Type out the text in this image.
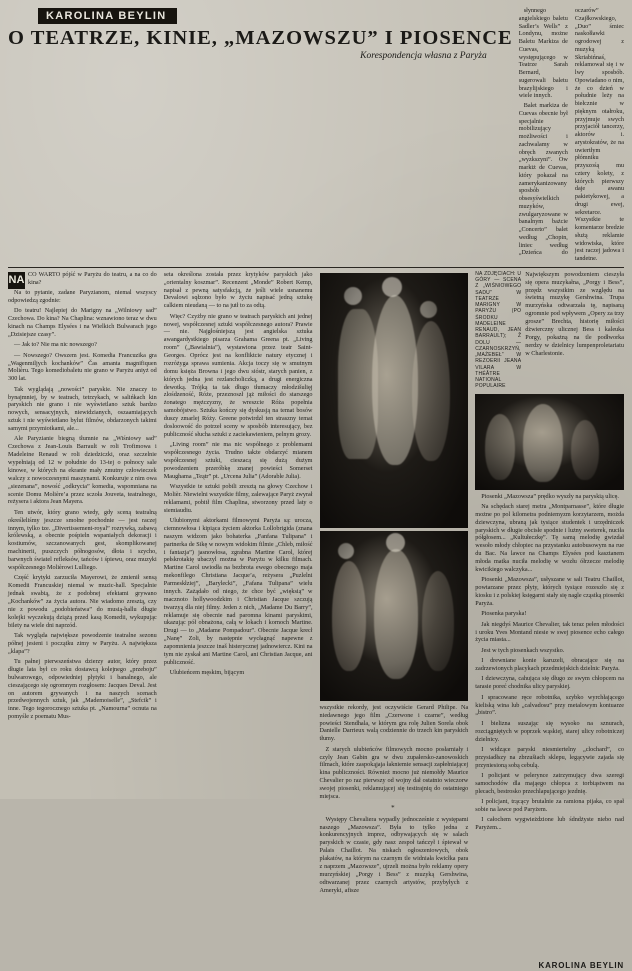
KAROLINA BEYLIN
O TEATRZE, KINIE, „MAZOWSZU” I PIOSENCE
Korespondencja własna z Paryża

słynnego angielskiego baletu Sadler’s Wells” z Londynu, możne Baletu Markiza de Cuevas, występującego w Teatrze Sarah Bernard, sugerowali baletu brazylijskiego i wiele innych.

Balet markiza de Cuevas obecnie był specjalnie mobilizujący możliwości i zachwalamy w obręch zwanych „wyzkszyni”. Ow markiż de Cuevas, który pokazał na zamerykanizowany sposbób obsesyświelkich muzyków, zwulgaryzowane w banalnym bażcie „Concerto” balet według „Chopin, liniec według „Dzieńca do oczarów” Czajłkowskiego, „Duo” śmiec naskołławki ogrodowej z muzyką Skriabińnaś, reklamował się i w lwy sposbób. Opowiadano o nim, że co dzień w południe leży na biełcznie w pięknym otałroku, przyjmuje swych przyjaciół tancerzy, aktorów i. arystokratów, że na uwiertłym płómniku przyszośą mu cztery kolety, z których pierwszy daje awanu pakietykowej, a drugi ewej, sekretarce. Wszystkie te komentarze bredzie służą reklamie widowiska, które jest raczej jadowa i tandetne.

NA CO WARTO pójść w Paryżu do teatru, a na co do kina?

Na to pytanie, zadane Paryzianom, niemal wszyscy odpowiedzą zgodnie:

Do teatru! Najlepiej do Marigny na „Wilniowy sad” Czechowa. Do kina? Na Chaplina: wznawiono teraz w dwu kinach na Champs Elysées i na Wielkich Bulwarach jego „Dzisiejsze czasy”.

— Jak to? Nie ma nic nowszego?

— Nowszego? Owszem jest. Komedia Francuzika gra „Wagenmiljych kochanków” Čas amanta magnifiquen Molièru. Tego komediobaletu nie grano w Paryżu aniyż od 300 lat.

Tak wyglądają „nowości” paryskie. Nie znaczy to bynajmniej, by w teatrach, tetrzykach, w salińkach kin paryskich nie grano i nie wyświetlano sztuk bardzo nowych, sensacyjnych, niewidzianych, oszaamiających sztuk i nie wyświetlano bylut filmów, obdarzonych takimi samymi przymiotkami, ale...

Ale Paryzianie biegną tłumnie na „Wiśniowy sad” Czechowa z Jean-Louis Barrault w roli Trofimowa i Madeleine Renaud w roli dziedziczki, oraz szczelnie wypełniają od 12 w południe do 13-tej o połnocy sale kinowe, w których na ekranie mały zmutny człowieczek walczy z nowoczesnymi maszynami. Konkuruje z nim owa „siezenana”, nowość „odkrycia” komedia, wspomniana na scenie Domu Molière’a przez sczoła Jouveta, teatralnego, reżysera i aktora Jean Mayera.

Ten utwór, który grano wtedy, gdy sceną teatralną określeliśmy jeszcze smołne pochodnie — jest raczej innym, tylko tze. „Divertissement-royal” rozrywką, zabawą królewską, a obecnie pośpieln wspaniałych dekoracji i kostiumów, szczanowanych gest, skomplikowanej machinerii, puszczych półnogosów, dłota i szycho, barwnych światel refleksów, tańców i śpiewu, oraz muzyki współczesnego Molièrowi Lulliego.

Część krytyki zarzuciła Mayerowi, że zmienił sensą Komedii Francuskiej niemal w muzic-hall. Specjalnie jednak swabią, że z podobnej efektami grywano „Kochanków” za życia autora. Nie wiadomo zresztą, czy nie z powodu „podobieństwa” do musią-hallu długie kolejki wyczekują dziążą przed kasą Komedii, wykupując bilety na wiele dni naprzód.

Tak wygląda największe powodzenie teatralne sezonu półnej jesieni i początku zimy w Paryżu. A największa „klapa”?

Tu pałnej pierwszeństwa dzierzy autor, który przez długie lata był co roku dostawcą kolejnego „przeboju” bulwarowego, odpowiedniej plytyki i banalnego, ale cieszającego się ogromnym rozgłosem: Jacques Deval. Jest on autorem grywanych i na naszych scenach przedwojennych sztuk, jak „Mademoiselle”, „Stefcik” i inne. Tego tegorocznego sztuka pt. „Namourna” ocnuta na pomyśle z poematu Mus-

seta określona została przez krytyków paryskich jako „orientalny koszmar”. Recenzent „Monde” Robert Kemp, napisał z pewną satysfakcją, że jeśli wiele usnanemu Devalowi sqłzono było w życiu napisać jedną sztukę calkiem nieudaną — to na jutł to za odtą.

Więc? Czyżby nie grano w teatrach paryskich ani jednej nowej, współczesnej sztuki współczesnego autora? Prawie — nie. Najgłośniejszą jest angielska sztuka awangardystkiego pisarza Grahama Greena pt. „Living room” („Bawialnia”), wystawiona przez teatr Saint-Georges. Oprócz jest na konfliktcie natury etycznej i rozróżyga sprawa sumienia. Akcja toczy się w smutnym domu księża Browna i jego dwu sióstr, starych panien, z których jedna jest rezlancholiczką, a drugi energiczna dewotką. Trójką ta tak długo tłumaczy młodzišulięj zlośdzeność, Róże, przeznoszł jąż miłości do starszego żonatego mężczyzny, że wreszcie Róża popełnia samobójstwo. Sztuka kończy się dyskusją na temat bosów duszy zmarlej Róży. Greene potwirdzł ten straszny temat dosloowość do potrzeł sceny w sposbób interesujący, bez publiczność słucha sztuki z zaciekawieniem, pelnym grozy.

„Living room” nie ma nic współnego z problemami współczesnego życia. Trudno także obdarzyć mianem współczesnej sztuki, cieszacą się dużą dużym powodzeniem przeróbkę znanej powieści Somerset Maughama „Teątr” pt. „Urcena Julia” (Adorable Julia).

Wszystkie te sztuki pobili zresztą na głowy Czechow i Molièr. Niewielni wszystkie filmy, zalewające Paryż zwyrał reklamami, pobitł film Chaplina, stworzony przed laty o siemiaudiu.

Ulubionymi aktorkami filmowymi Paryża są: urocza, ciemnowłosa i kipiąca życiem aktorka Lollobrigida (znana naszym widzom jako bohaterka „Fanfana Tulipana” i partnerka de Sikę w nowym widokim filmie „Chleb, miłość i fantazja”) jasnowłosa, zgrabna Martine Carol, której pełskrotakię ubaczyl można w Paryżu w kilku filmach. Martine Carol uwiodła na bezbrota ewego obecnego maja mekonfilego Christiana Jacque’a, reżysera „Puzlelni Parmeskłziej”, „Barylecki”, „Fafana Tulipana” wielu innych. Zażądało od niego, że chce być „więksią” w macznoto hollywoodzkim i Christian Jacque szczują twarzyą dla niej filmy. Jeden z nich, „Madame Du Barry”, reklamuje się obecnie nad paromna kinami paryskimi, ukazując pół obnażona, całą w lokach i kornoch Martine. Drugi — to „Madame Pompadour”. Obecnie Jacque krecł „Nanę” Zoli, by następnie wycłagnąć napewne z zapomnienia jeszcze inaš histerycznej jadnowiercz. Kini na tym nie zyskał ani Martine Carol, ani Christian Jacque, ani publiczność.

Ulubieńcem męskim, bijącym

wszystkie rekordy, jest oczywiście Gerard Philipe. Na niedawnego jego film „Czerwone i czarne”, według powieści Stendhala, w którym gra rolę Julien Sorela obok Danielle Darrieux walą codziennie do trzech kin paryskich tłumy.

Z starych ulubieńców filmowych mocno posłarniały i czyly Jean Gabin gra w dwu zupałersko-zanowoskich filmach, które zaspokąjaja łakniemie sensacji zapłełniającej kina publiczności. Również mocno już niemołdy Maurice Chevalier po raz pierwszy od wojny dał ostatnio wieczorw swojej piosenki, reklamującej się testirajniq do ostatniego miejsca.

*

Występy Chevaliera wypadly jednocześnie z występami naszego „Mazowsza”. Była to tylko jedna z konkurencyjnych imprez, odbywających się w salach paryskich w czasie, gdy nasz zespoł tańczył i śpiewał w Palais Chaillot. Na niskach ogłoszeniowych, obok plakatów, na którym na czarnym tle widniała kwicłka para z naprzem „Mazowsze”, ujrzeli można było reklamy opery murzyńskiej „Porgy i Bess” z muzyką Gershwina, odtwarzanej przez czarnych artystów, przybyłych z Ameryki, afisze

NA ZDJĘCIACH: U GÓRY — SCENA Z „WIŚNIOWEGO SADU” W TEATRZE MARIGNY W PARYŻU (PO ŚRODKU MADELEINE RENAUD, JEAN BARRAULT); Ž DOLU — CZARNOSKRZYŃ, „MAŻEBEŁ” W REZOERII JEANA VILARA W THÉÂTRE NATIONAL POPULAIRE

Największym powodzeniem cieszyła się opera muzykałna, „Porgy i Bess”, przędz wszystkim ze względu na świetną muzykę Gershwina. Trupa murzyńska odtwarzała tę, napisaną ogromnie pod wpływem „Opery za trzy grosze” Brechta, historię miłości dżwierczny ulicznej Bess i kaleuka Porgy, pokażną na tle podłworka nerdzy w dzielnicy lumpenproletariatu w Charlestonie.

Piosenki „Mazowsza” prędko wyszły na paryskią ulicę.

Na schędach starej metra „Montparnasse”, które długie możne po pol kilometra podniemyzm korzytarzem, możda dziewczyna, ubraną jak tysiące studentek i urzędniczek paryskich w długie obcisłe spodnie i lużny sweterek, nuciła półgłosem... „Kultułeczkę”. Tę samą melodię gwizdał wesoło młody chłopiec na przystanku autobusowym na rue du Bac. Na lawce na Champs Elysées pod kasztanem młoda matka nuciła melodię w wozłu ółrzecze melodię kwicikiego walczyka...

Piosenki „Mazowsza”, usłyszane w sali Teatru Chaillot, powtarzane przez płyty, których tysiące rozeszło się z kiosku i z polskiej księgarni stały się nagle cząstką piosenki Paryża.

Piosenka paryska!

Jak niegdyś Maurice Chevalier, tak teraz pełen młodości i uroku Yves Montand niesie w swej piosence echo całego życia miasta...

Jest w tych piosenkach wszystko.

I drewniane konie karuzeli, obracające się na zadrzewionych placykach przedmiejskich dzielnic Paryża.

I dziewczyna, cahująca się długo ze swym chłopcem na tarasie poreć chodnika ulicy paryskiej.

I spracowane ręce robotnika, szybko wyrchłającego kieliską wina lub „calvadosu” przy metalowym kontuarze „bistro”.

I bielizna suszając się wysoko na sznurach, rozciągniętych w poprzek wąskiej, starej ulicy robotniczej dzielnicy.

I widzące paryski niesmiertelny „clochard”, co przysiadłszy na zbrzušiach sklepu, legącywie zajada się przyniesioną sobą cebulą.

I policjant w pelerynce zatrzymujący dwa szeregi samochodów dla mająego chłopca z torbiąstwem na plecach, bestrosko przechlapującego jezdnię.

I policjant, trącący brutalnie za ramiona pijaka, co spał sobie na lawce pod Paryżem.

I całochem wygwieżdzione lub śdndżyste niebo nad Paryżem...

KAROLINA BEYLIN
